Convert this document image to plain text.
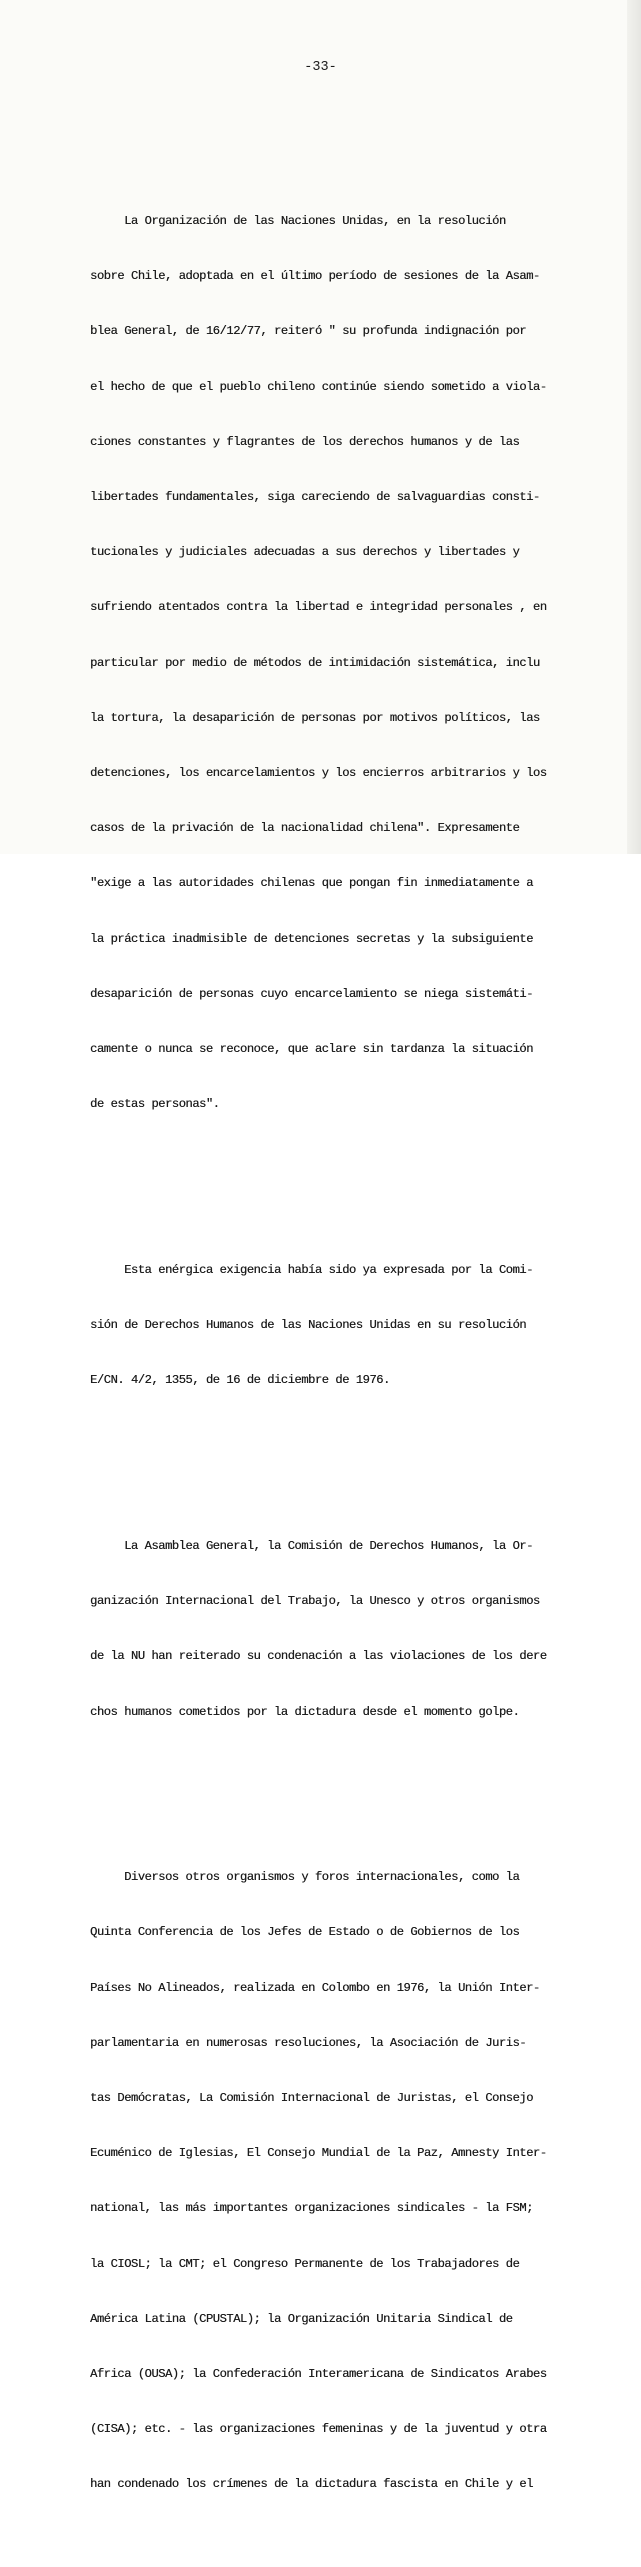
-33-

La Organización de las Naciones Unidas, en la resolución

sobre Chile, adoptada en el último período de sesiones de la Asam-

blea General, de 16/12/77, reiteró " su profunda indignación por

el hecho de que el pueblo chileno continúe siendo sometido a viola-

ciones constantes y flagrantes de los derechos humanos y de las

libertades fundamentales, siga careciendo de salvaguardias consti-

tucionales y judiciales adecuadas a sus derechos y libertades y

sufriendo atentados contra la libertad e integridad personales , en

particular por medio de métodos de intimidación sistemática, inclu

la tortura, la desaparición de personas por motivos políticos, las

detenciones, los encarcelamientos y los encierros arbitrarios y los

casos de la privación de la nacionalidad chilena". Expresamente

"exige a las autoridades chilenas que pongan fin inmediatamente a

la práctica inadmisible de detenciones secretas y la subsiguiente

desaparición de personas cuyo encarcelamiento se niega sistemáti-

camente o nunca se reconoce, que aclare sin tardanza la situación

de estas personas".

Esta enérgica exigencia había sido ya expresada por la Comi-

sión de Derechos Humanos de las Naciones Unidas en su resolución

E/CN. 4/2, 1355, de 16 de diciembre de 1976.

La Asamblea General, la Comisión de Derechos Humanos, la Or-

ganización Internacional del Trabajo, la Unesco y otros organismos

de la NU han reiterado su condenación a las violaciones de los dere

chos humanos cometidos por la dictadura desde el momento golpe.

Diversos otros organismos y foros internacionales, como la

Quinta Conferencia de los Jefes de Estado o de Gobiernos de los

Países No Alineados, realizada en Colombo en 1976, la Unión Inter-

parlamentaria en numerosas resoluciones, la Asociación de Juris-

tas Demócratas, La Comisión Internacional de Juristas, el Consejo

Ecuménico de Iglesias, El Consejo Mundial de la Paz, Amnesty Inter-

national, las más importantes organizaciones sindicales - la FSM;

la CIOSL; la CMT; el Congreso Permanente de los Trabajadores de

América Latina (CPUSTAL); la Organización Unitaria Sindical de

Africa (OUSA); la Confederación Interamericana de Sindicatos Arabes

(CISA); etc. - las organizaciones femeninas y de la juventud y otra

han condenado los crímenes de la dictadura fascista en Chile y el
